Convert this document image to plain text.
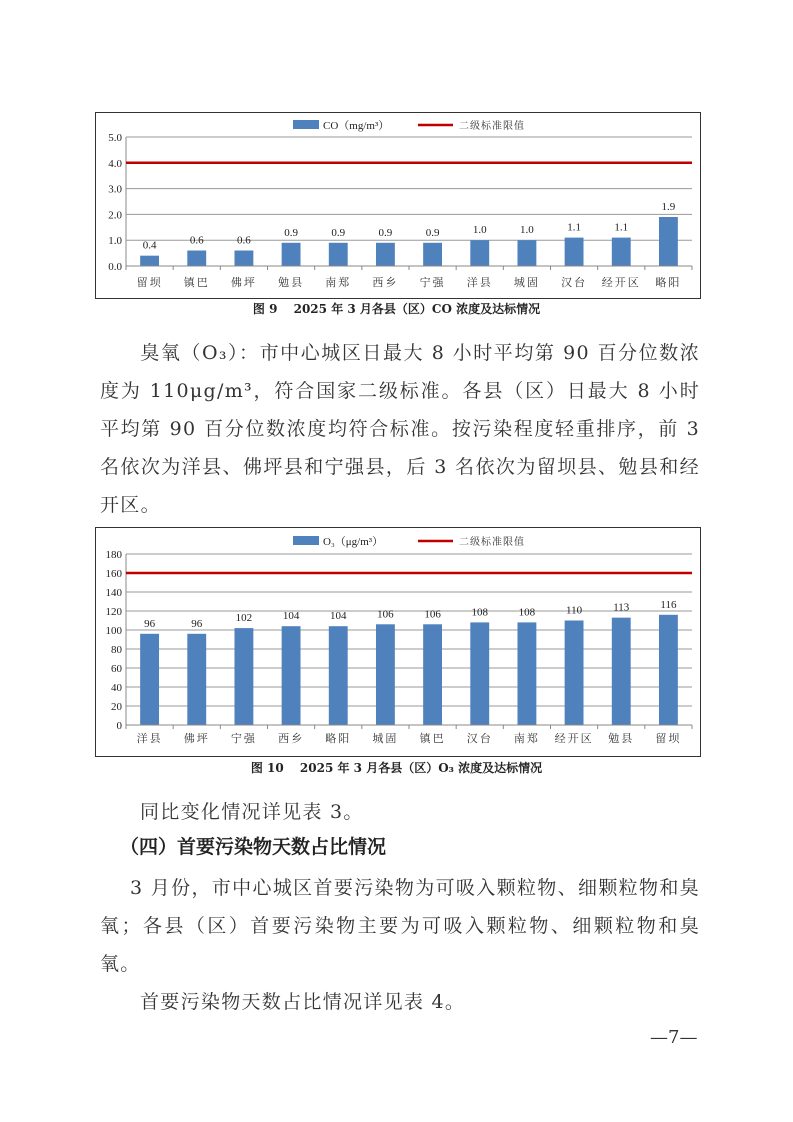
0.0
1.0
2.0
3.0
4.0
5.0
0.4
留坝
0.6
镇巴
0.6
佛坪
0.9
勉县
0.9
南郑
0.9
西乡
0.9
宁强
1.0
洋县
1.0
城固
1.1
汉台
1.1
经开区
1.9
略阳
CO（mg/m³）	二级标准限值
图 9　 2025 年 3 月各县（区）CO 浓度及达标情况
臭氧（O₃）：市中心城区日最大 8 小时平均第 90 百分位数浓度为 110μg/m³，符合国家二级标准。各县（区）日最大 8 小时平均第 90 百分位数浓度均符合标准。按污染程度轻重排序，前 3 名依次为洋县、佛坪县和宁强县，后 3 名依次为留坝县、勉县和经开区。
0
20
40
60
80
100
120
140
160
180
96
洋县
96
佛坪
102
宁强
104
西乡
104
略阳
106
城固
106
镇巴
108
汉台
108
南郑
110
经开区
113
勉县
116
留坝
O₃（μg/m³）	二级标准限值
图 10　 2025 年 3 月各县（区）O₃ 浓度及达标情况
同比变化情况详见表 3。
（四）首要污染物天数占比情况
3 月份，市中心城区首要污染物为可吸入颗粒物、细颗粒物和臭氧；各县（区）首要污染物主要为可吸入颗粒物、细颗粒物和臭氧。
首要污染物天数占比情况详见表 4。
—7—
